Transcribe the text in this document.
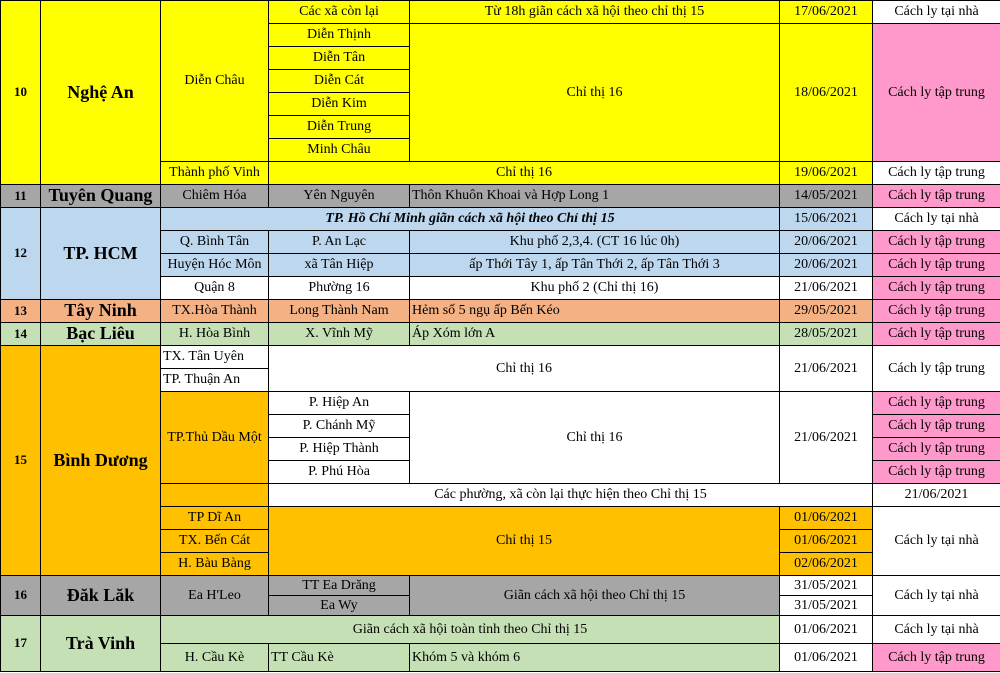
10	Nghệ An	Diễn Châu	Các xã còn lại	Từ 18h giãn cách xã hội theo chỉ thị 15	17/06/2021	Cách ly tại nhà	
			Diễn Thịnh	Chỉ thị 16	18/06/2021	Cách ly tập trung	
			Diễn Tân				
			Diễn Cát				
			Diễn Kim				
			Diễn Trung				
			Minh Châu				
		Thành phố Vinh	Chỉ thị 16		19/06/2021	Cách ly tập trung	
11	Tuyên Quang	Chiêm Hóa	Yên Nguyên	Thôn Khuôn Khoai và Hợp Long 1	14/05/2021	Cách ly tập trung	
12	TP. HCM	TP. Hồ Chí Minh giãn cách xã hội theo Chỉ thị 15			15/06/2021	Cách ly tại nhà	
		Q. Bình Tân	P. An Lạc	Khu phố 2,3,4. (CT 16 lúc 0h)	20/06/2021	Cách ly tập trung	
		Huyện Hóc Môn	xã Tân Hiệp	ấp Thới Tây 1, ấp Tân Thới 2, ấp Tân Thới 3	20/06/2021	Cách ly tập trung	
		Quận 8	Phường 16	Khu phố 2 (Chỉ thị 16)	21/06/2021	Cách ly tập trung	
13	Tây Ninh	TX.Hòa Thành	Long Thành Nam	Hẻm số 5 ngụ ấp Bến Kéo	29/05/2021	Cách ly tập trung	
14	Bạc Liêu	H. Hòa Bình	X. Vĩnh Mỹ	Áp Xóm lớn A	28/05/2021	Cách ly tập trung	
15	Bình Dương	TX. Tân Uyên	Chỉ thị 16		21/06/2021	Cách ly tập trung	
		TP. Thuận An					
		TP.Thủ Dầu Một	P. Hiệp An	Chỉ thị 16	21/06/2021	Cách ly tập trung	
			P. Chánh Mỹ			Cách ly tập trung	
			P. Hiệp Thành			Cách ly tập trung	
			P. Phú Hòa			Cách ly tập trung	
			Các phường, xã còn lại thực hiện theo Chỉ thị 15			21/06/2021	
		TP Dĩ An	Chỉ thị 15		01/06/2021	Cách ly tại nhà	
		TX. Bến Cát			01/06/2021		
		H. Bàu Bàng			02/06/2021		
16	Đăk Lăk	Ea H'Leo	TT Ea Drăng	Giãn cách xã hội theo Chỉ thị 15	31/05/2021	Cách ly tại nhà	
			Ea Wy		31/05/2021		
17	Trà Vinh	Giãn cách xã hội toàn tỉnh theo Chỉ thị 15			01/06/2021	Cách ly tại nhà	
		H. Cầu Kè	TT Cầu Kè	Khóm 5 và khóm 6	01/06/2021	Cách ly tập trung	
